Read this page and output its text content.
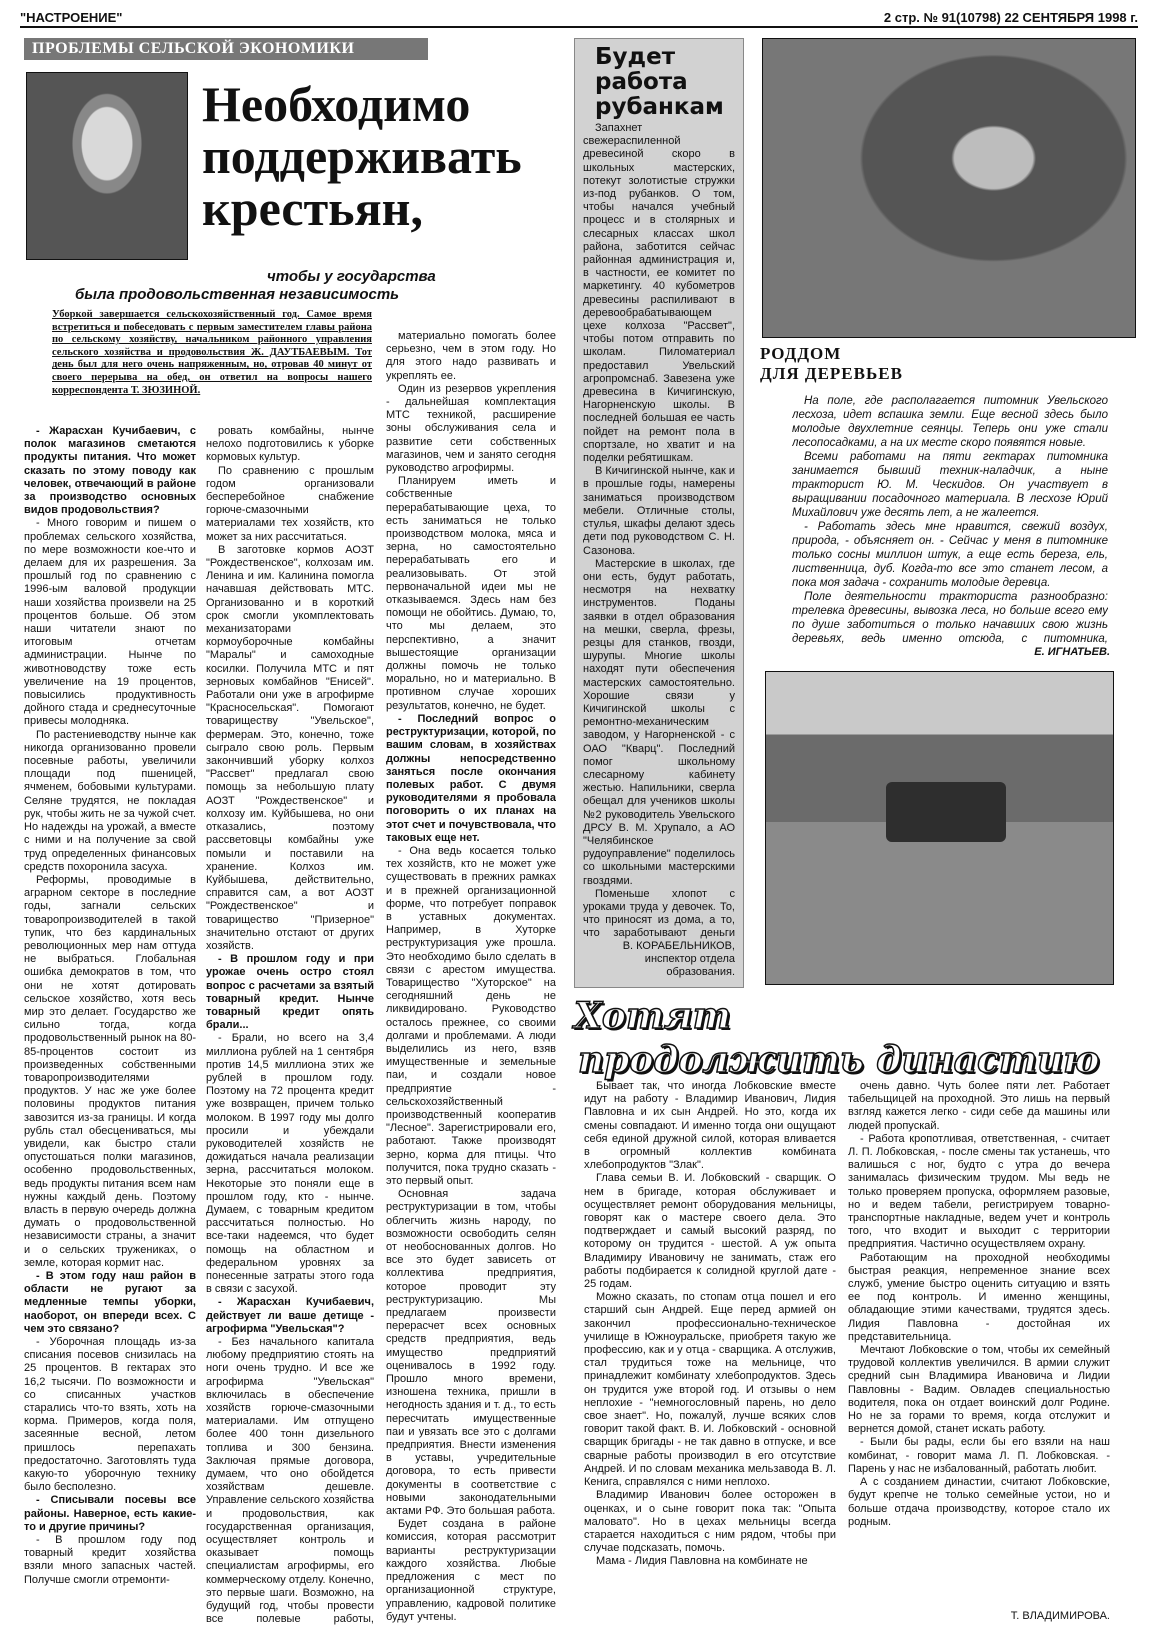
"НАСТРОЕНИЕ"	2 стр. № 91(10798) 22 СЕНТЯБРЯ 1998 г.
ПРОБЛЕМЫ СЕЛЬСКОЙ ЭКОНОМИКИ
Необходимо
поддерживать
крестьян,
чтобы у государства
была продовольственная независимость
Уборкой завершается сельскохозяйственный год. Самое время встретиться и побеседовать с первым заместителем главы района по сельскому хозяйству, начальником районного управления сельского хозяйства и продовольствия Ж. ДАУТБАЕВЫМ. Тот день был для него очень напряженным, но, отровав 40 минут от своего перерыва на обед, он ответил на вопросы нашего корреспондента Т. ЗЮЗИНОЙ.

- Жарасхан Кучибаевич, с полок магазинов сметаются продукты питания. Что может сказать по этому поводу как человек, отвечающий в районе за производство основных видов продовольствия?

- Много говорим и пишем о проблемах сельского хозяйства, по мере возможности кое-что и делаем для их разрешения. За прошлый год по сравнению с 1996-ым валовой продукции наши хозяйства произвели на 25 процентов больше. Об этом наши читатели знают по итоговым отчетам администрации. Нынче по животноводству тоже есть увеличение на 19 процентов, повысились продуктивность дойного стада и среднесуточные привесы молодняка.

По растениеводству нынче как никогда организованно провели посевные работы, увеличили площади под пшеницей, ячменем, бобовыми культурами. Селяне трудятся, не покладая рук, чтобы жить не за чужой счет. Но надежды на урожай, а вместе с ними и на получение за свой труд определенных финансовых средств похоронила засуха.

Реформы, проводимые в аграрном секторе в последние годы, загнали сельских товаропроизводителей в такой тупик, что без кардинальных революционных мер нам оттуда не выбраться. Глобальная ошибка демократов в том, что они не хотят дотировать сельское хозяйство, хотя весь мир это делает. Государство же сильно тогда, когда продовольственный рынок на 80-85-процентов состоит из произведенных собственными товаропроизводителями продуктов. У нас же уже более половины продуктов питания завозится из-за границы. И когда рубль стал обесцениваться, мы увидели, как быстро стали опустошаться полки магазинов, особенно продовольственных, ведь продукты питания всем нам нужны каждый день. Поэтому власть в первую очередь должна думать о продовольственной независимости страны, а значит и о сельских тружениках, о земле, которая кормит нас.

- В этом году наш район в области не ругают за медленные темпы уборки, наоборот, он впереди всех. С чем это связано?

- Уборочная площадь из-за списания посевов снизилась на 25 процентов. В гектарах это 16,2 тысячи. По возможности и со списанных участков старались что-то взять, хоть на корма. Примеров, когда поля, засеянные весной, летом пришлось перепахать предостаточно. Заготовлять туда какую-то уборочную технику было бесполезно.

- Списывали посевы все районы. Наверное, есть какие-то и другие причины?

- В прошлом году под товарный кредит хозяйства взяли много запасных частей. Получше смогли отремонти-

ровать комбайны, нынче нелохо подготовились к уборке кормовых культур.

По сравнению с прошлым годом организовали бесперебойное снабжение горюче-смазочными материалами тех хозяйств, кто может за них рассчитаться.

В заготовке кормов АОЗТ "Рождественское", колхозам им. Ленина и им. Калинина помогла начавшая действовать МТС. Организованно и в короткий срок смогли укомплектовать механизаторами кормоуборочные комбайны "Маралы" и самоходные косилки. Получила МТС и пят зерновых комбайнов "Енисей". Работали они уже в агрофирме "Красносельская". Помогают товариществу "Увельское", фермерам. Это, конечно, тоже сыграло свою роль. Первым закончивший уборку колхоз "Рассвет" предлагал свою помощь за небольшую плату АОЗТ "Рождественское" и колхозу им. Куйбышева, но они отказались, поэтому рассветовцы комбайны уже помыли и поставили на хранение. Колхоз им. Куйбышева, действительно, справится сам, а вот АОЗТ "Рождественское" и товарищество "Призерное" значительно отстают от других хозяйств.

- В прошлом году и при урожае очень остро стоял вопрос с расчетами за взятый товарный кредит. Нынче товарный кредит опять брали...

- Брали, но всего на 3,4 миллиона рублей на 1 сентября против 14,5 миллиона этих же рублей в прошлом году. Поэтому на 72 процента кредит уже возвращен, причем только молоком. В 1997 году мы долго просили и убеждали руководителей хозяйств не дожидаться начала реализации зерна, рассчитаться молоком. Некоторые это поняли еще в прошлом году, кто - нынче. Думаем, с товарным кредитом рассчитаться полностью. Но все-таки надеемся, что будет помощь на областном и федеральном уровнях за понесенные затраты этого года в связи с засухой.

- Жарасхан Кучибаевич, действует ли ваше детище - агрофирма "Увельская"?

- Без начального капитала любому предприятию стоять на ноги очень трудно. И все же агрофирма "Увельская" включилась в обеспечение хозяйств горюче-смазочными материалами. Им отпущено более 400 тонн дизельного топлива и 300 бензина. Заключая прямые договора, думаем, что оно обойдется хозяйствам дешевле. Управление сельского хозяйства и продовольствия, как государственная организация, осуществляет контроль и оказывает помощь специалистам агрофирмы, его коммерческому отделу. Конечно, это первые шаги. Возможно, на будущий год, чтобы провести все полевые работы,

материально помогать более серьезно, чем в этом году. Но для этого надо развивать и укреплять ее.

Один из резервов укрепления - дальнейшая комплектация МТС техникой, расширение зоны обслуживания села и развитие сети собственных магазинов, чем и занято сегодня руководство агрофирмы.

Планируем иметь и собственные перерабатывающие цеха, то есть заниматься не только производством молока, мяса и зерна, но самостоятельно перерабатывать его и реализовывать. От этой первоначальной идеи мы не отказываемся. Здесь нам без помощи не обойтись. Думаю, то, что мы делаем, это перспективно, а значит вышестоящие организации должны помочь не только морально, но и материально. В противном случае хороших результатов, конечно, не будет.

- Последний вопрос о реструктуризации, которой, по вашим словам, в хозяйствах должны непосредственно заняться после окончания полевых работ. С двумя руководителями я пробовала поговорить о их планах на этот счет и почувствовала, что таковых еще нет.

- Она ведь косается только тех хозяйств, кто не может уже существовать в прежних рамках и в прежней организационной форме, что потребует поправок в уставных документах. Например, в Хуторке реструктуризация уже прошла. Это необходимо было сделать в связи с арестом имущества. Товарищество "Хуторское" на сегодняшний день не ликвидировано. Руководство осталось прежнее, со своими долгами и проблемами. А люди выделились из него, взяв имущественные и земельные паи, и создали новое предприятие - сельскохозяйственный производственный кооператив "Лесное". Зарегистрировали его, работают. Также производят зерно, корма для птицы. Что получится, пока трудно сказать - это первый опыт.

Основная задача реструктуризации в том, чтобы облегчить жизнь народу, по возможности освободить селян от необоснованных долгов. Но все это будет зависеть от коллектива предприятия, которое проводит эту реструктуризацию. Мы предлагаем произвести перерасчет всех основных средств предприятия, ведь имущество предприятий оценивалось в 1992 году. Прошло много времени, изношена техника, пришли в негодность здания и т. д., то есть пересчитать имущественные паи и увязать все это с долгами предприятия. Внести изменения в уставы, учредительные договора, то есть привести документы в соответствие с новыми законодательными актами РФ. Это большая работа.

Будет создана в районе комиссия, которая рассмотрит варианты реструктуризации каждого хозяйства. Любые предложения с мест по организационной структуре, управлению, кадровой политике будут учтены.

Будет
работа
рубанкам

Запахнет свежераспиленной древесиной скоро в школьных мастерских, потекут золотистые стружки из-под рубанков. О том, чтобы начался учебный процесс и в столярных и слесарных классах школ района, заботится сейчас районная администрация и, в частности, ее комитет по маркетингу. 40 кубометров древесины распиливают в деревообрабатывающем цехе колхоза "Рассвет", чтобы потом отправить по школам. Пиломатериал предоставил Увельский агропромснаб. Завезена уже древесина в Кичигинскую, Нагорненскую школы. В последней большая ее часть пойдет на ремонт пола в спортзале, но хватит и на поделки ребятишкам.

В Кичигинской нынче, как и в прошлые годы, намерены заниматься производством мебели. Отличные столы, стулья, шкафы делают здесь дети под руководством С. Н. Сазонова.

Мастерские в школах, где они есть, будут работать, несмотря на нехватку инструментов. Поданы заявки в отдел образования на мешки, сверла, фрезы, резцы для станков, гвозди, шурупы. Многие школы находят пути обеспечения мастерских самостоятельно. Хорошие связи у Кичигинской школы с ремонтно-механическим заводом, у Нагорненской - с ОАО "Кварц". Последний помог школьному слесарному кабинету жестью. Напильники, сверла обещал для учеников школы №2 руководитель Увельского ДРСУ В. М. Хрупало, а АО "Челябинское рудоуправление" поделилось со школьными мастерскими гвоздями.

Поменьше хлопот с уроками труда у девочек. То, что приносят из дома, а то, что заработывают деньги

В. КОРАБЕЛЬНИКОВ,
инспектор отдела
образования.
РОДДОМ
ДЛЯ ДЕРЕВЬЕВ

На поле, где располагается питомник Увельского лесхоза, идет вспашка земли. Еще весной здесь было молодые двухлетние сеянцы. Теперь они уже стали лесопосадками, а на их месте скоро появятся новые.

Всеми работами на пяти гектарах питомника занимается бывший техник-наладчик, а ныне тракторист Ю. М. Ческидов. Он участвует в выращивании посадочного материала. В лесхозе Юрий Михайлович уже десять лет, а не жалеется.

- Работать здесь мне нравится, свежий воздух, природа, - объясняет он. - Сейчас у меня в питомнике только сосны миллион штук, а еще есть береза, ель, лиственница, дуб. Когда-то все это станет лесом, а пока моя задача - сохранить молодые деревца.

Поле деятельности тракториста разнообразно: трелевка древесины, вывозка леса, но больше всего ему по душе заботиться о только начавших свою жизнь деревьях, ведь именно отсюда, с питомника,

Е. ИГНАТЬЕВ.
Хотят
продолжить династию

Бывает так, что иногда Лобковские вместе идут на работу - Владимир Иванович, Лидия Павловна и их сын Андрей. Но это, когда их смены совпадают. И именно тогда они ощущают себя единой дружной силой, которая вливается в огромный коллектив комбината хлебопродуктов "Злак".

Глава семьи В. И. Лобковский - сварщик. О нем в бригаде, которая обслуживает и осуществляет ремонт оборудования мельницы, говорят как о мастере своего дела. Это подтверждает и самый высокий разряд, по которому он трудится - шестой. А уж опыта Владимиру Ивановичу не занимать, стаж его работы подбирается к солидной круглой дате - 25 годам.

Можно сказать, по стопам отца пошел и его старший сын Андрей. Еще перед армией он закончил профессионально-техническое училище в Южноуральске, приобретя такую же профессию, как и у отца - сварщика. А отслужив, стал трудиться тоже на мельнице, что принадлежит комбинату хлебопродуктов. Здесь он трудится уже второй год. И отзывы о нем неплохие - "немногословный парень, но дело свое знает". Но, пожалуй, лучше всяких слов говорит такой факт. В. И. Лобковский - основной сварщик бригады - не так давно в отпуске, и все сварные работы производил в его отсутствие Андрей. И по словам механика мельзавода В. Л. Кенига, справлялся с ними неплохо.

Владимир Иванович более осторожен в оценках, и о сыне говорит пока так: "Опыта маловато". Но в цехах мельницы всегда старается находиться с ним рядом, чтобы при случае подсказать, помочь.

Мама - Лидия Павловна на комбинате не

очень давно. Чуть более пяти лет. Работает табельщицей на проходной. Это лишь на первый взгляд кажется легко - сиди себе да машины или людей пропускай.

- Работа кропотливая, ответственная, - считает Л. П. Лобковская, - после смены так устанешь, что валишься с ног, будто с утра до вечера занималась физическим трудом. Мы ведь не только проверяем пропуска, оформляем разовые, но и ведем табели, регистрируем товарно-транспортные накладные, ведем учет и контроль того, что входит и выходит с территории предприятия. Частично осуществляем охрану.

Работающим на проходной необходимы быстрая реакция, непременное знание всех служб, умение быстро оценить ситуацию и взять ее под контроль. И именно женщины, обладающие этими качествами, трудятся здесь. Лидия Павловна - достойная их представительница.

Мечтают Лобковские о том, чтобы их семейный трудовой коллектив увеличился. В армии служит средний сын Владимира Ивановича и Лидии Павловны - Вадим. Овладев специальностью водителя, пока он отдает воинский долг Родине. Но не за горами то время, когда отслужит и вернется домой, станет искать работу.

- Были бы рады, если бы его взяли на наш комбинат, - говорит мама Л. П. Лобковская. - Парень у нас не избалованный, работать любит.

А с созданием династии, считают Лобковские, будут крепче не только семейные устои, но и больше отдача производству, которое стало их родным.

Т. ВЛАДИМИРОВА.
